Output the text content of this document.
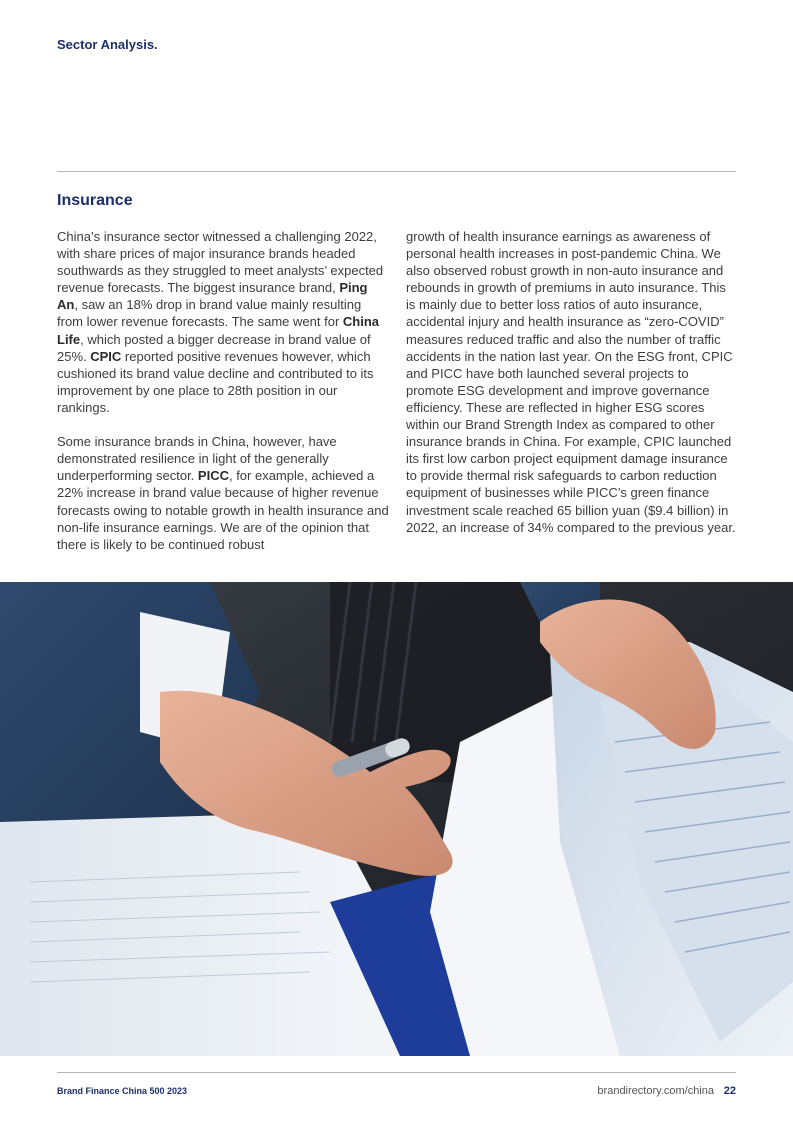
Sector Analysis.
Insurance

China’s insurance sector witnessed a challenging 2022, with share prices of major insurance brands headed southwards as they struggled to meet analysts’ expected revenue forecasts. The biggest insurance brand, Ping An, saw an 18% drop in brand value mainly resulting from lower revenue forecasts. The same went for China Life, which posted a bigger decrease in brand value of 25%. CPIC reported positive revenues however, which cushioned its brand value decline and contributed to its improvement by one place to 28th position in our rankings.

Some insurance brands in China, however, have demonstrated resilience in light of the generally underperforming sector. PICC, for example, achieved a 22% increase in brand value because of higher revenue forecasts owing to notable growth in health insurance and non-life insurance earnings. We are of the opinion that there is likely to be continued robust

growth of health insurance earnings as awareness of personal health increases in post-pandemic China. We also observed robust growth in non-auto insurance and rebounds in growth of premiums in auto insurance. This is mainly due to better loss ratios of auto insurance, accidental injury and health insurance as “zero-COVID” measures reduced traffic and also the number of traffic accidents in the nation last year. On the ESG front, CPIC and PICC have both launched several projects to promote ESG development and improve governance efficiency. These are reflected in higher ESG scores within our Brand Strength Index as compared to other insurance brands in China. For example, CPIC launched its first low carbon project equipment damage insurance to provide thermal risk safeguards to carbon reduction equipment of businesses while PICC’s green finance investment scale reached 65 billion yuan ($9.4 billion) in 2022, an increase of 34% compared to the previous year.

Brand Finance China 500 2023	brandirectory.com/china 22
